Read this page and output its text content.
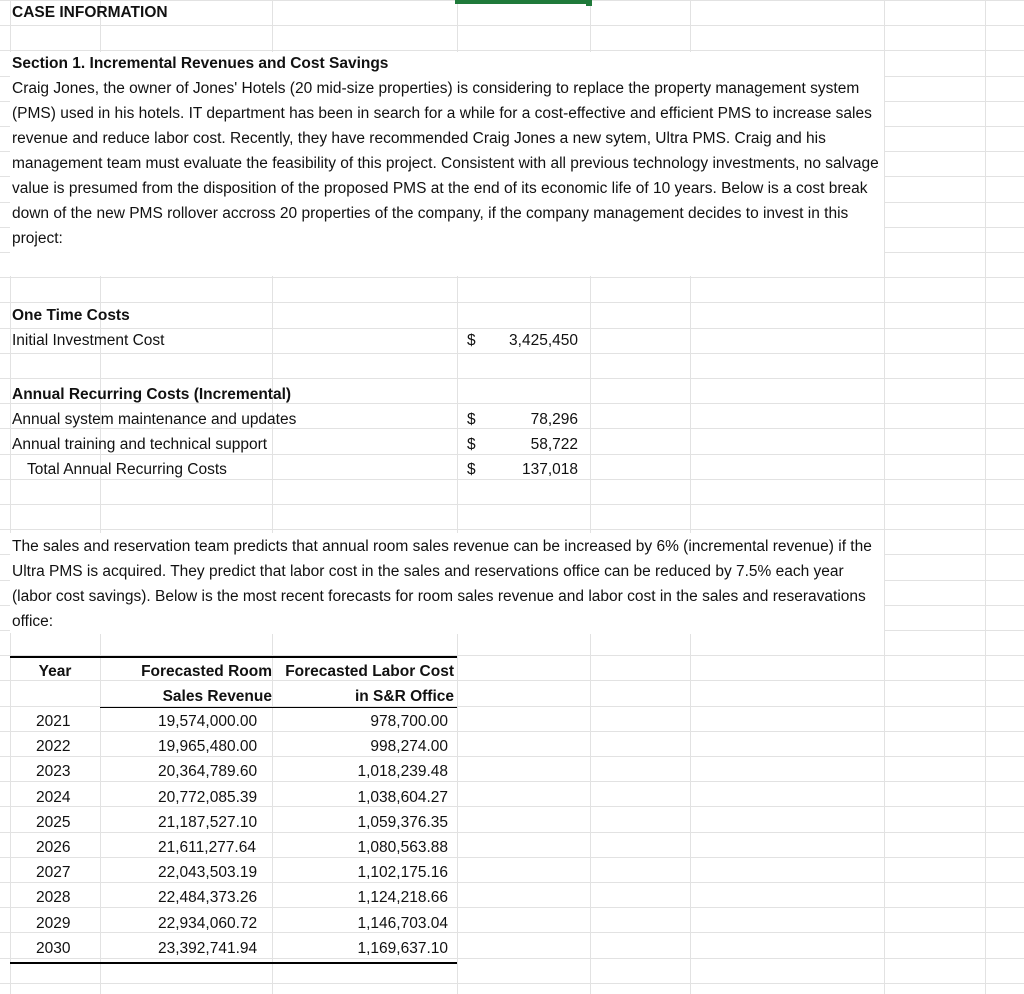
CASE INFORMATION
Section 1. Incremental Revenues and Cost Savings
Craig Jones, the owner of Jones' Hotels (20 mid-size properties) is considering to replace the property management system (PMS) used in his hotels. IT department has been in search for a while for a cost-effective and efficient PMS to increase sales revenue and reduce labor cost. Recently, they have recommended Craig Jones a new sytem, Ultra PMS. Craig and his management team must evaluate the feasibility of this project. Consistent with all previous technology investments, no salvage value is presumed from the disposition of the proposed PMS at the end of its economic life of 10 years. Below is a cost break down of the new PMS rollover accross 20 properties of the company, if the company management decides to invest in this project:
One Time Costs
Initial Investment Cost	$	3,425,450
Annual Recurring Costs (Incremental)
Annual system maintenance and updates	$	78,296
Annual training and technical support	$	58,722
Total Annual Recurring Costs	$	137,018
The sales and reservation team predicts that annual room sales revenue can be increased by 6% (incremental revenue) if the Ultra PMS is acquired. They predict that labor cost in the sales and reservations office can be reduced by 7.5% each year (labor cost savings). Below is the most recent forecasts for room sales revenue and labor cost in the sales and reseravations office:
Year	Forecasted Room
Sales Revenue
Forecasted Labor Cost
in S&R Office
2021	19,574,000.00	978,700.00
2022	19,965,480.00	998,274.00
2023	20,364,789.60	1,018,239.48
2024	20,772,085.39	1,038,604.27
2025	21,187,527.10	1,059,376.35
2026	21,611,277.64	1,080,563.88
2027	22,043,503.19	1,102,175.16
2028	22,484,373.26	1,124,218.66
2029	22,934,060.72	1,146,703.04
2030	23,392,741.94	1,169,637.10
